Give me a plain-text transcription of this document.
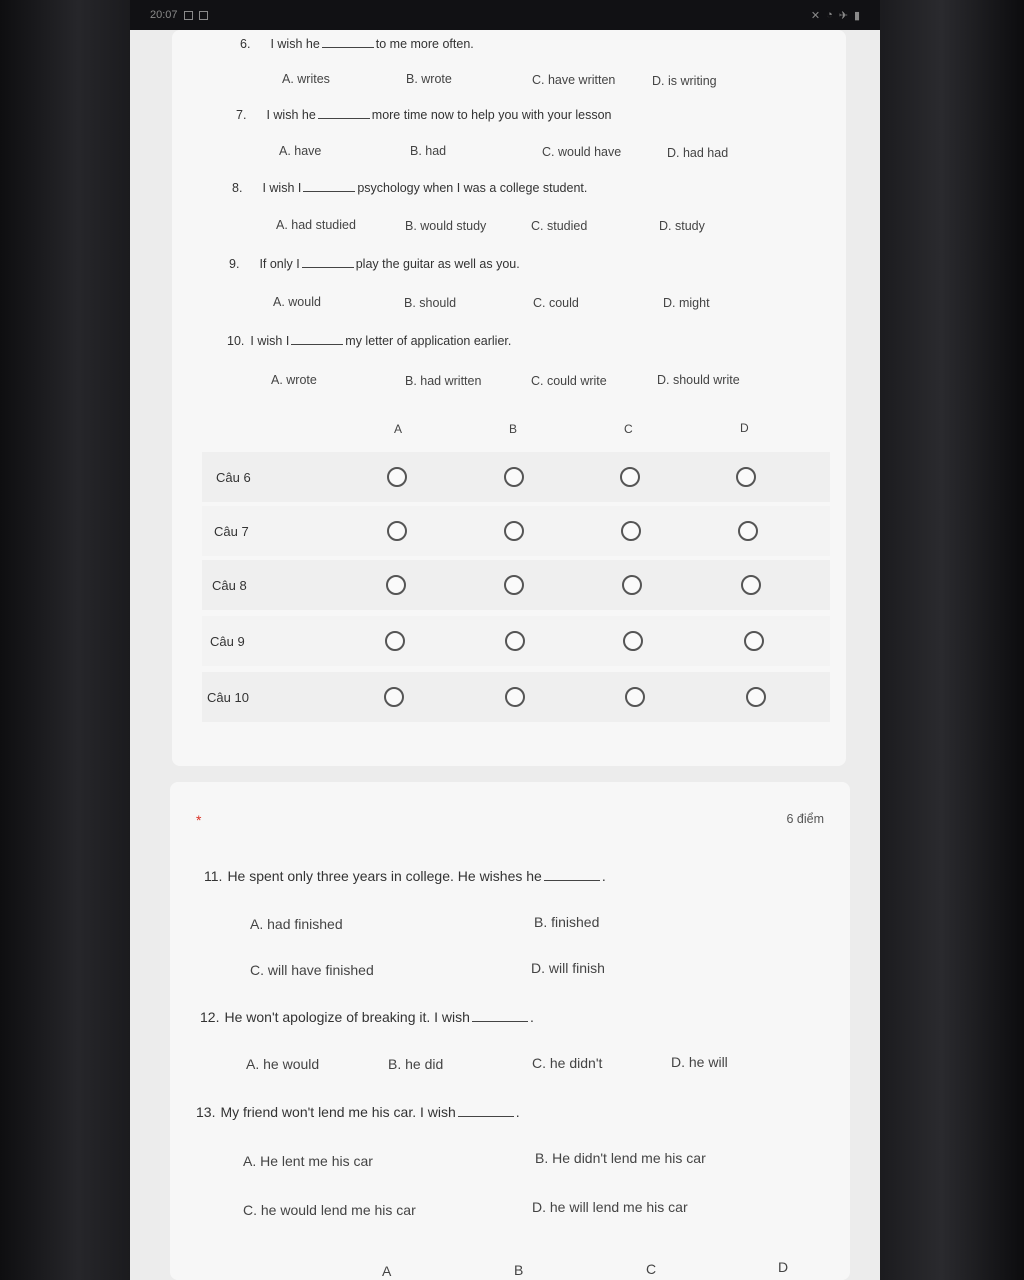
20:07	✕ ◔ ✈ ▮
6. I wish he	to me more often.
A. writes	B. wrote	C. have written	D. is writing
7. I wish he	more time now to help you with your lesson
A. have	B. had	C. would have	D. had had
8. I wish I	psychology when I was a college student.
A. had studied	B. would study	C. studied	D. study
9. If only I	play the guitar as well as you.
A. would	B. should	C. could	D. might
10. I wish I	my letter of application earlier.
A. wrote	B. had written	C. could write	D. should write
A	B	C	D
Câu 6
Câu 7
Câu 8
Câu 9
Câu 10
*	6 điểm
11. He spent only three years in college. He wishes he	.
A. had finished	B. finished
C. will have finished	D. will finish
12. He won't apologize of breaking it. I wish	.
A. he would	B. he did	C. he didn't	D. he will
13. My friend won't lend me his car. I wish	.
A. He lent me his car	B. He didn't lend me his car
C. he would lend me his car	D. he will lend me his car
A	B	C	D
